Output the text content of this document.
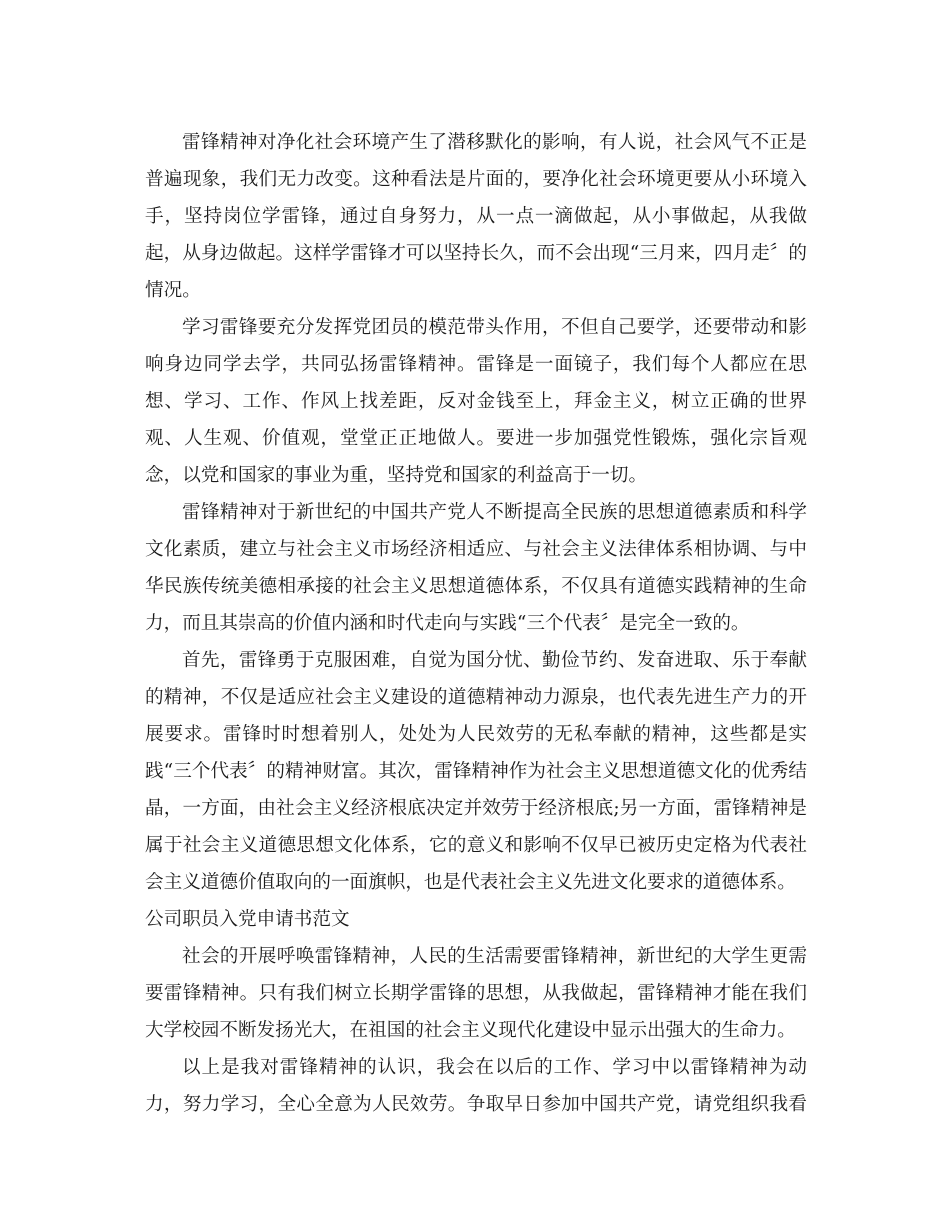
雷锋精神对净化社会环境产生了潜移默化的影响，有人说，社会风气不正是
普遍现象，我们无力改变。这种看法是片面的，要净化社会环境更要从小环境入
手，坚持岗位学雷锋，通过自身努力，从一点一滴做起，从小事做起，从我做
起，从身边做起。这样学雷锋才可以坚持长久，而不会出现“三月来，四月走〞的
情况。
学习雷锋要充分发挥党团员的模范带头作用，不但自己要学，还要带动和影
响身边同学去学，共同弘扬雷锋精神。雷锋是一面镜子，我们每个人都应在思
想、学习、工作、作风上找差距，反对金钱至上，拜金主义，树立正确的世界
观、人生观、价值观，堂堂正正地做人。要进一步加强党性锻炼，强化宗旨观
念，以党和国家的事业为重，坚持党和国家的利益高于一切。
雷锋精神对于新世纪的中国共产党人不断提高全民族的思想道德素质和科学
文化素质，建立与社会主义市场经济相适应、与社会主义法律体系相协调、与中
华民族传统美德相承接的社会主义思想道德体系，不仅具有道德实践精神的生命
力，而且其崇高的价值内涵和时代走向与实践“三个代表〞是完全一致的。
首先，雷锋勇于克服困难，自觉为国分忧、勤俭节约、发奋进取、乐于奉献
的精神，不仅是适应社会主义建设的道德精神动力源泉，也代表先进生产力的开
展要求。雷锋时时想着别人，处处为人民效劳的无私奉献的精神，这些都是实
践“三个代表〞的精神财富。其次，雷锋精神作为社会主义思想道德文化的优秀结
晶，一方面，由社会主义经济根底决定并效劳于经济根底;另一方面，雷锋精神是
属于社会主义道德思想文化体系，它的意义和影响不仅早已被历史定格为代表社
会主义道德价值取向的一面旗帜，也是代表社会主义先进文化要求的道德体系。
公司职员入党申请书范文
社会的开展呼唤雷锋精神，人民的生活需要雷锋精神，新世纪的大学生更需
要雷锋精神。只有我们树立长期学雷锋的思想，从我做起，雷锋精神才能在我们
大学校园不断发扬光大，在祖国的社会主义现代化建设中显示出强大的生命力。
以上是我对雷锋精神的认识，我会在以后的工作、学习中以雷锋精神为动
力，努力学习，全心全意为人民效劳。争取早日参加中国共产党，请党组织我看
